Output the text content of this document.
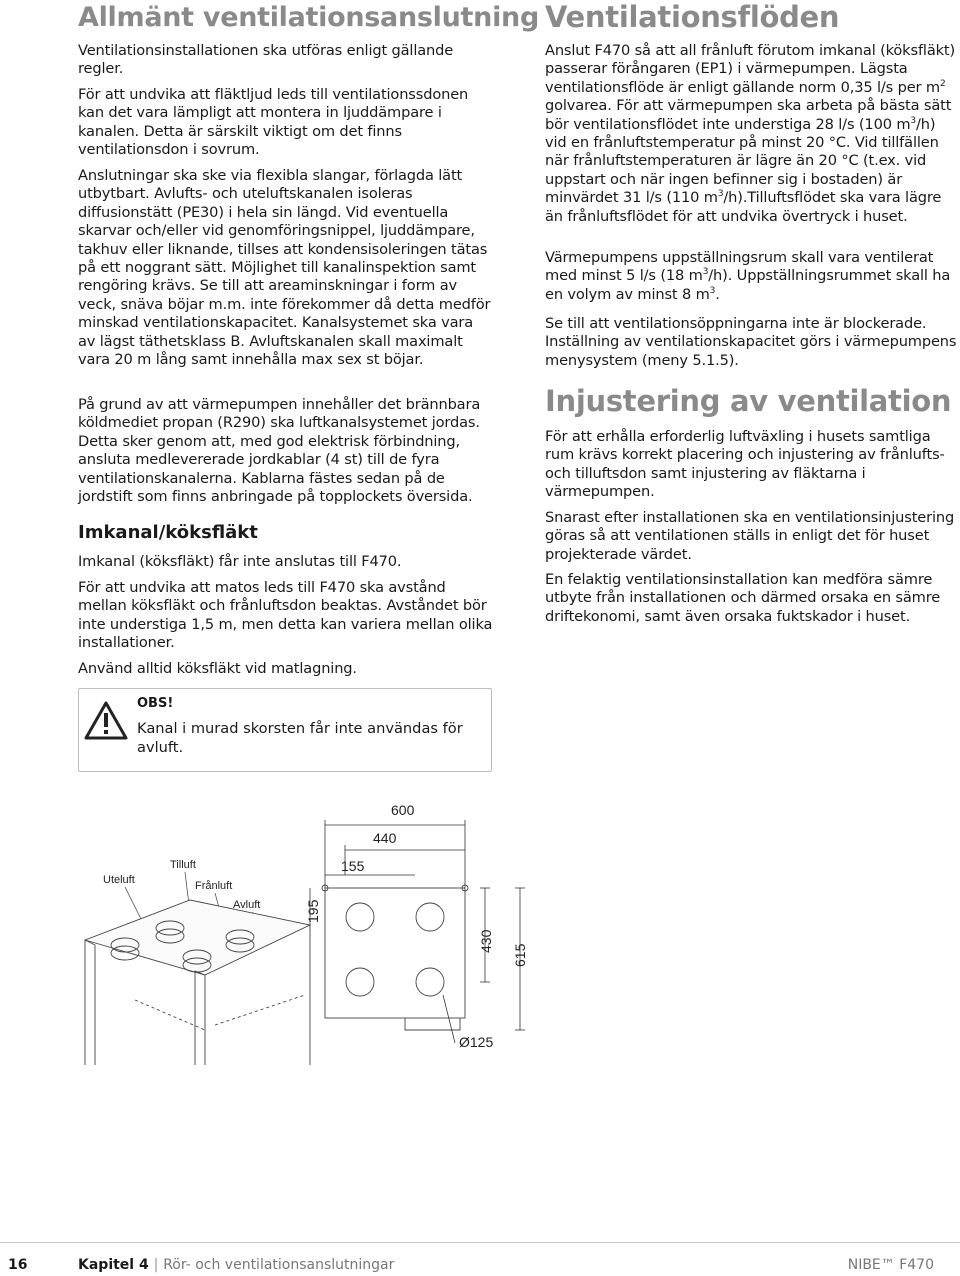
Allmänt ventilationsanslutning

Ventilationsinstallationen ska utföras enligt gällande regler.

För att undvika att fläktljud leds till ventilationssdonen kan det vara lämpligt att montera in ljuddämpare i kanalen. Detta är särskilt viktigt om det finns ventilationsdon i sovrum.

Anslutningar ska ske via flexibla slangar, förlagda lätt utbytbart. Avlufts- och uteluftskanalen isoleras diffusionstätt (PE30) i hela sin längd. Vid eventuella skarvar och/eller vid genomföringsnippel, ljuddämpare, takhuv eller liknande, tillses att kondensisoleringen tätas på ett noggrant sätt. Möjlighet till kanalinspektion samt rengöring krävs. Se till att areaminskningar i form av veck, snäva böjar m.m. inte förekommer då detta medför minskad ventilationskapacitet. Kanalsystemet ska vara av lägst täthetsklass B. Avluftskanalen skall maximalt vara 20 m lång samt innehålla max sex st böjar.

På grund av att värmepumpen innehåller det brännbara köldmediet propan (R290) ska luftkanalsystemet jordas. Detta sker genom att, med god elektrisk förbindning, ansluta medlevererade jordkablar (4 st) till de fyra ventilationskanalerna. Kablarna fästes sedan på de jordstift som finns anbringade på topplockets översida.

Imkanal/köksfläkt

Imkanal (köksfläkt) får inte anslutas till F470.

För att undvika att matos leds till F470 ska avstånd mellan köksfläkt och frånluftsdon beaktas. Avståndet bör inte understiga 1,5 m, men detta kan variera mellan olika installationer.

Använd alltid köksfläkt vid matlagning.

OBS!
Kanal i murad skorsten får inte användas för avluft.
Ventilationsflöden

Anslut F470 så att all frånluft förutom imkanal (köksfläkt) passerar förångaren (EP1) i värmepumpen. Lägsta ventilationsflöde är enligt gällande norm 0,35 l/s per $m^2$ golvarea. För att värmepumpen ska arbeta på bästa sätt bör ventilationsflödet inte understiga 28 l/s (100 $m^3/h$) vid en frånluftstemperatur på minst 20 °C. Vid tillfällen när frånluftstemperaturen är lägre än 20 °C (t.ex. vid uppstart och när ingen befinner sig i bostaden) är minvärdet 31 l/s (110 $m^3/h).Tilluftsflö\det$ ska vara lägre än frånluftsflödet för att undvika övertryck i huset.

Värmepumpens uppställningsrum skall vara ventilerat med minst 5 l/s (18 $m^3/h$). Uppställningsrummet skall ha en volym av minst 8 $m^3$.

Se till att ventilationsöppningarna inte är blockerade. Inställning av ventilationskapacitet görs i värmepumpens menysystem (meny 5.1.5).

Injustering av ventilation

För att erhålla erforderlig luftväxling i husets samtliga rum krävs korrekt placering och injustering av frånlufts- och tilluftsdon samt injustering av fläktarna i värmepumpen.

Snarast efter installationen ska en ventilationsinjustering göras så att ventilationen ställs in enligt det för huset projekterade värdet.

En felaktig ventilationsinstallation kan medföra sämre utbyte från installationen och därmed orsaka en sämre driftekonomi, samt även orsaka fuktskador i huset.

Uteluft
Tilluft
Frånluft
Avluft
600
440
155
195
430
615
Ø125
16	Kapitel 4 | Rör- och ventilationsanslutningar	NIBE™ F470
